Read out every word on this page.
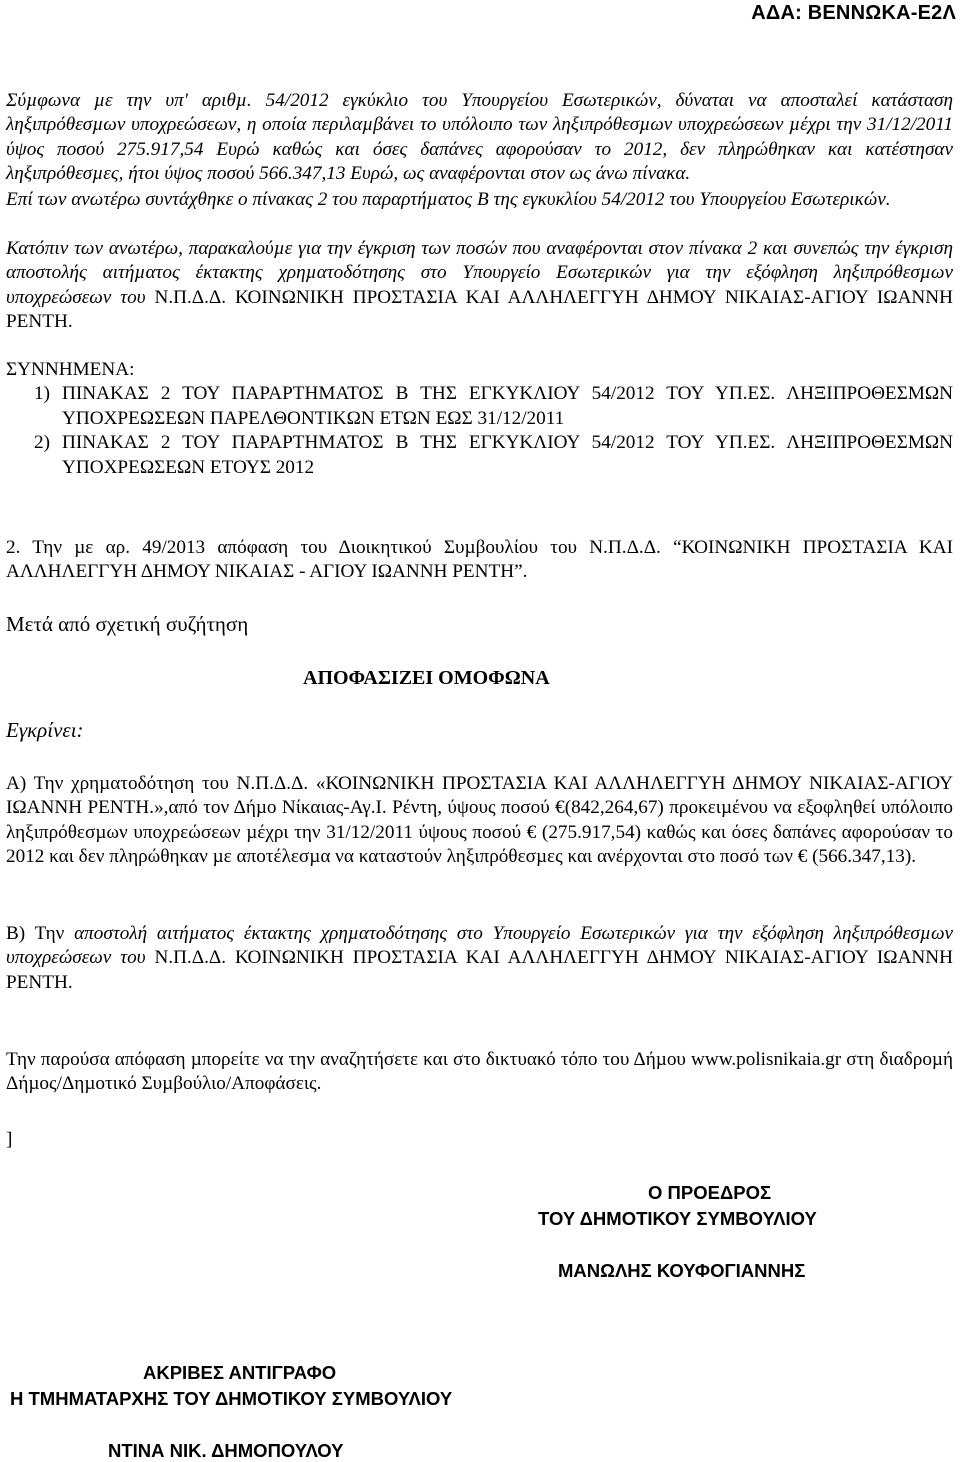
ΑΔΑ: ΒΕΝΝΩΚΑ-Ε2Λ

Σύµφωνα µε την υπ' αριθµ. 54/2012 εγκύκλιο του Υπουργείου Εσωτερικών, δύναται να αποσταλεί κατάσταση ληξιπρόθεσµων υποχρεώσεων, η οποία περιλαµβάνει το υπόλοιπο των ληξιπρόθεσµων υποχρεώσεων µέχρι την 31/12/2011 ύψος ποσού 275.917,54 Ευρώ καθώς και όσες δαπάνες αφορούσαν το 2012, δεν πληρώθηκαν και κατέστησαν ληξιπρόθεσµες, ήτοι ύψος ποσού 566.347,13 Ευρώ, ως αναφέρονται στον ως άνω πίνακα.

Επί των ανωτέρω συντάχθηκε ο πίνακας 2 του παραρτήµατος Β της εγκυκλίου 54/2012 του Υπουργείου Εσωτερικών.

Κατόπιν των ανωτέρω, παρακαλούµε για την έγκριση των ποσών που αναφέρονται στον πίνακα 2 και συνεπώς την έγκριση αποστολής αιτήµατος έκτακτης χρηµατοδότησης στο Υπουργείο Εσωτερικών για την εξόφληση ληξιπρόθεσµων υποχρεώσεων του Ν.Π.Δ.Δ. ΚΟΙΝΩΝΙΚΗ ΠΡΟΣΤΑΣΙΑ ΚΑΙ ΑΛΛΗΛΕΓΓΥΗ ΔΗΜΟΥ ΝΙΚΑΙΑΣ-ΑΓΙΟΥ ΙΩΑΝΝΗ ΡΕΝΤΗ.

ΣΥΝΝΗΜΕΝΑ:
1) ΠΙΝΑΚΑΣ 2 ΤΟΥ ΠΑΡΑΡΤΗΜΑΤΟΣ Β ΤΗΣ ΕΓΚΥΚΛΙΟΥ 54/2012 ΤΟΥ ΥΠ.ΕΣ. ΛΗΞΙΠΡΟΘΕΣΜΩΝ ΥΠΟΧΡΕΩΣΕΩΝ ΠΑΡΕΛΘΟΝΤΙΚΩΝ ΕΤΩΝ ΕΩΣ 31/12/2011
2) ΠΙΝΑΚΑΣ 2 ΤΟΥ ΠΑΡΑΡΤΗΜΑΤΟΣ Β ΤΗΣ ΕΓΚΥΚΛΙΟΥ 54/2012 ΤΟΥ ΥΠ.ΕΣ. ΛΗΞΙΠΡΟΘΕΣΜΩΝ ΥΠΟΧΡΕΩΣΕΩΝ ΕΤΟΥΣ 2012

2. Την µε αρ. 49/2013 απόφαση του Διοικητικού Συµβουλίου του Ν.Π.Δ.Δ. “ΚΟΙΝΩΝΙΚΗ ΠΡΟΣΤΑΣΙΑ ΚΑΙ ΑΛΛΗΛΕΓΓΥΗ ΔΗΜΟΥ ΝΙΚΑΙΑΣ - ΑΓΙΟΥ ΙΩΑΝΝΗ ΡΕΝΤΗ”.

Μετά από σχετική συζήτηση
ΑΠΟΦΑΣΙΖΕΙ ΟΜΟΦΩΝΑ
Εγκρίνει:

Α) Την χρηµατοδότηση του Ν.Π.Δ.Δ. «ΚΟΙΝΩΝΙΚΗ ΠΡΟΣΤΑΣΙΑ ΚΑΙ ΑΛΛΗΛΕΓΓΥΗ ΔΗΜΟΥ ΝΙΚΑΙΑΣ-ΑΓΙΟΥ ΙΩΑΝΝΗ ΡΕΝΤΗ.»,από τον Δήµο Νίκαιας-Αγ.Ι. Ρέντη, ύψους ποσού €(842,264,67) προκειµένου να εξοφληθεί υπόλοιπο ληξιπρόθεσµων υποχρεώσεων µέχρι την 31/12/2011 ύψους ποσού € (275.917,54) καθώς και όσες δαπάνες αφορούσαν το 2012 και δεν πληρώθηκαν µε αποτέλεσµα να καταστούν ληξιπρόθεσµες και ανέρχονται στο ποσό των € (566.347,13).

Β) Την αποστολή αιτήµατος έκτακτης χρηµατοδότησης στο Υπουργείο Εσωτερικών για την εξόφληση ληξιπρόθεσµων υποχρεώσεων του Ν.Π.Δ.Δ. ΚΟΙΝΩΝΙΚΗ ΠΡΟΣΤΑΣΙΑ ΚΑΙ ΑΛΛΗΛΕΓΓΥΗ ΔΗΜΟΥ ΝΙΚΑΙΑΣ-ΑΓΙΟΥ ΙΩΑΝΝΗ ΡΕΝΤΗ.

Την παρούσα απόφαση µπορείτε να την αναζητήσετε και στο δικτυακό τόπο του Δήµου www.polisnikaia.gr στη διαδροµή Δήµος/Δηµοτικό Συµβούλιο/Αποφάσεις.

]
Ο ΠΡΟΕΔΡΟΣ
ΤΟΥ ΔΗΜΟΤΙΚΟΥ ΣΥΜΒΟΥΛΙΟΥ
ΜΑΝΩΛΗΣ ΚΟΥΦΟΓΙΑΝΝΗΣ
ΑΚΡΙΒΕΣ ΑΝΤΙΓΡΑΦΟ
Η ΤΜΗΜΑΤΑΡΧΗΣ ΤΟΥ ΔΗΜΟΤΙΚΟΥ ΣΥΜΒΟΥΛΙΟΥ
ΝΤΙΝΑ ΝΙΚ. ΔΗΜΟΠΟΥΛΟΥ
